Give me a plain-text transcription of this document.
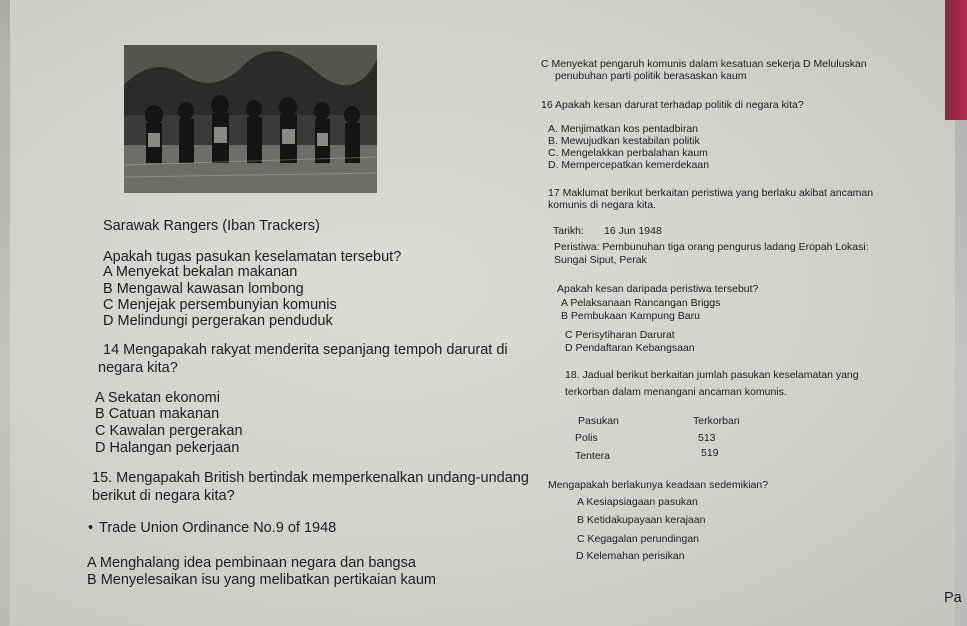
Sarawak Rangers (Iban Trackers)
Apakah tugas pasukan keselamatan tersebut?
A Menyekat bekalan makanan
B Mengawal kawasan lombong
C Menjejak persembunyian komunis
D Melindungi pergerakan penduduk
14 Mengapakah rakyat menderita sepanjang tempoh darurat di
negara kita?
A Sekatan ekonomi
B Catuan makanan
C Kawalan pergerakan
D Halangan pekerjaan
15. Mengapakah British bertindak memperkenalkan undang-undang
berikut di negara kita?
• Trade Union Ordinance No.9 of 1948
A Menghalang idea pembinaan negara dan bangsa
B Menyelesaikan isu yang melibatkan pertikaian kaum
C Menyekat pengaruh komunis dalam kesatuan sekerja D Meluluskan
penubuhan parti politik berasaskan kaum
16 Apakah kesan darurat terhadap politik di negara kita?
A. Menjimatkan kos pentadbiran
B. Mewujudkan kestabilan politik
C. Mengelakkan perbalahan kaum
D. Mempercepatkan kemerdekaan
17 Maklumat berikut berkaitan peristiwa yang berlaku akibat ancaman
komunis di negara kita.
Tarikh: 16 Jun 1948
Peristiwa: Pembunuhan tiga orang pengurus ladang Eropah Lokasi:
Sungai Siput, Perak
Apakah kesan daripada peristiwa tersebut?
A Pelaksanaan Rancangan Briggs
B Pembukaan Kampung Baru
C Perisytiharan Darurat
D Pendaftaran Kebangsaan
18. Jadual berikut berkaitan jumlah pasukan keselamatan yang
terkorban dalam menangani ancaman komunis.
Pasukan	Terkorban
Polis	513
Tentera	519
Mengapakah berlakunya keadaan sedemikian?
A Kesiapsiagaan pasukan
B Ketidakupayaan kerajaan
C Kegagalan perundingan
D Kelemahan perisikan
Pa
